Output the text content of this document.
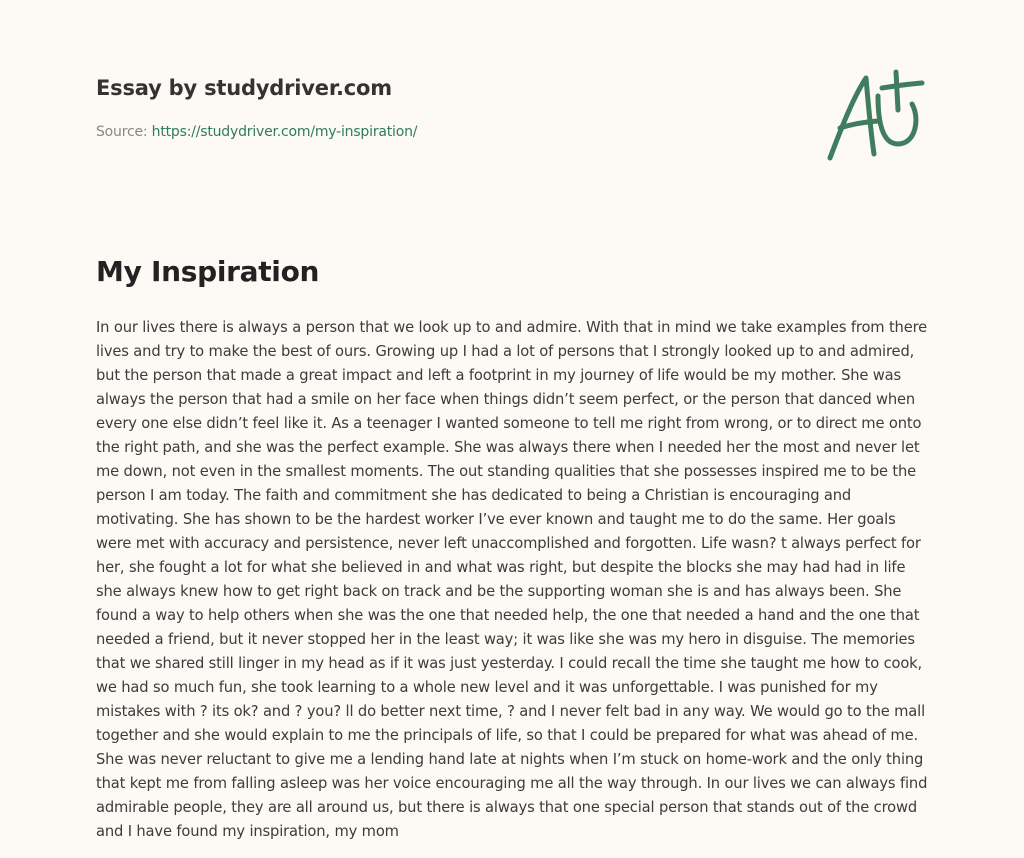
Essay by studydriver.com
Source: https://studydriver.com/my-inspiration/
My Inspiration

In our lives there is always a person that we look up to and admire. With that in mind we take examples from there lives and try to make the best of ours. Growing up I had a lot of persons that I strongly looked up to and admired, but the person that made a great impact and left a footprint in my journey of life would be my mother. She was always the person that had a smile on her face when things didn’t seem perfect, or the person that danced when every one else didn’t feel like it. As a teenager I wanted someone to tell me right from wrong, or to direct me onto the right path, and she was the perfect example. She was always there when I needed her the most and never let me down, not even in the smallest moments. The out standing qualities that she possesses inspired me to be the person I am today. The faith and commitment she has dedicated to being a Christian is encouraging and motivating. She has shown to be the hardest worker I’ve ever known and taught me to do the same. Her goals were met with accuracy and persistence, never left unaccomplished and forgotten. Life wasn? t always perfect for her, she fought a lot for what she believed in and what was right, but despite the blocks she may had had in life she always knew how to get right back on track and be the supporting woman she is and has always been. She found a way to help others when she was the one that needed help, the one that needed a hand and the one that needed a friend, but it never stopped her in the least way; it was like she was my hero in disguise. The memories that we shared still linger in my head as if it was just yesterday. I could recall the time she taught me how to cook, we had so much fun, she took learning to a whole new level and it was unforgettable. I was punished for my mistakes with ? its ok? and ? you? ll do better next time, ? and I never felt bad in any way. We would go to the mall together and she would explain to me the principals of life, so that I could be prepared for what was ahead of me. She was never reluctant to give me a lending hand late at nights when I’m stuck on home-work and the only thing that kept me from falling asleep was her voice encouraging me all the way through. In our lives we can always find admirable people, they are all around us, but there is always that one special person that stands out of the crowd and I have found my inspiration, my mom
